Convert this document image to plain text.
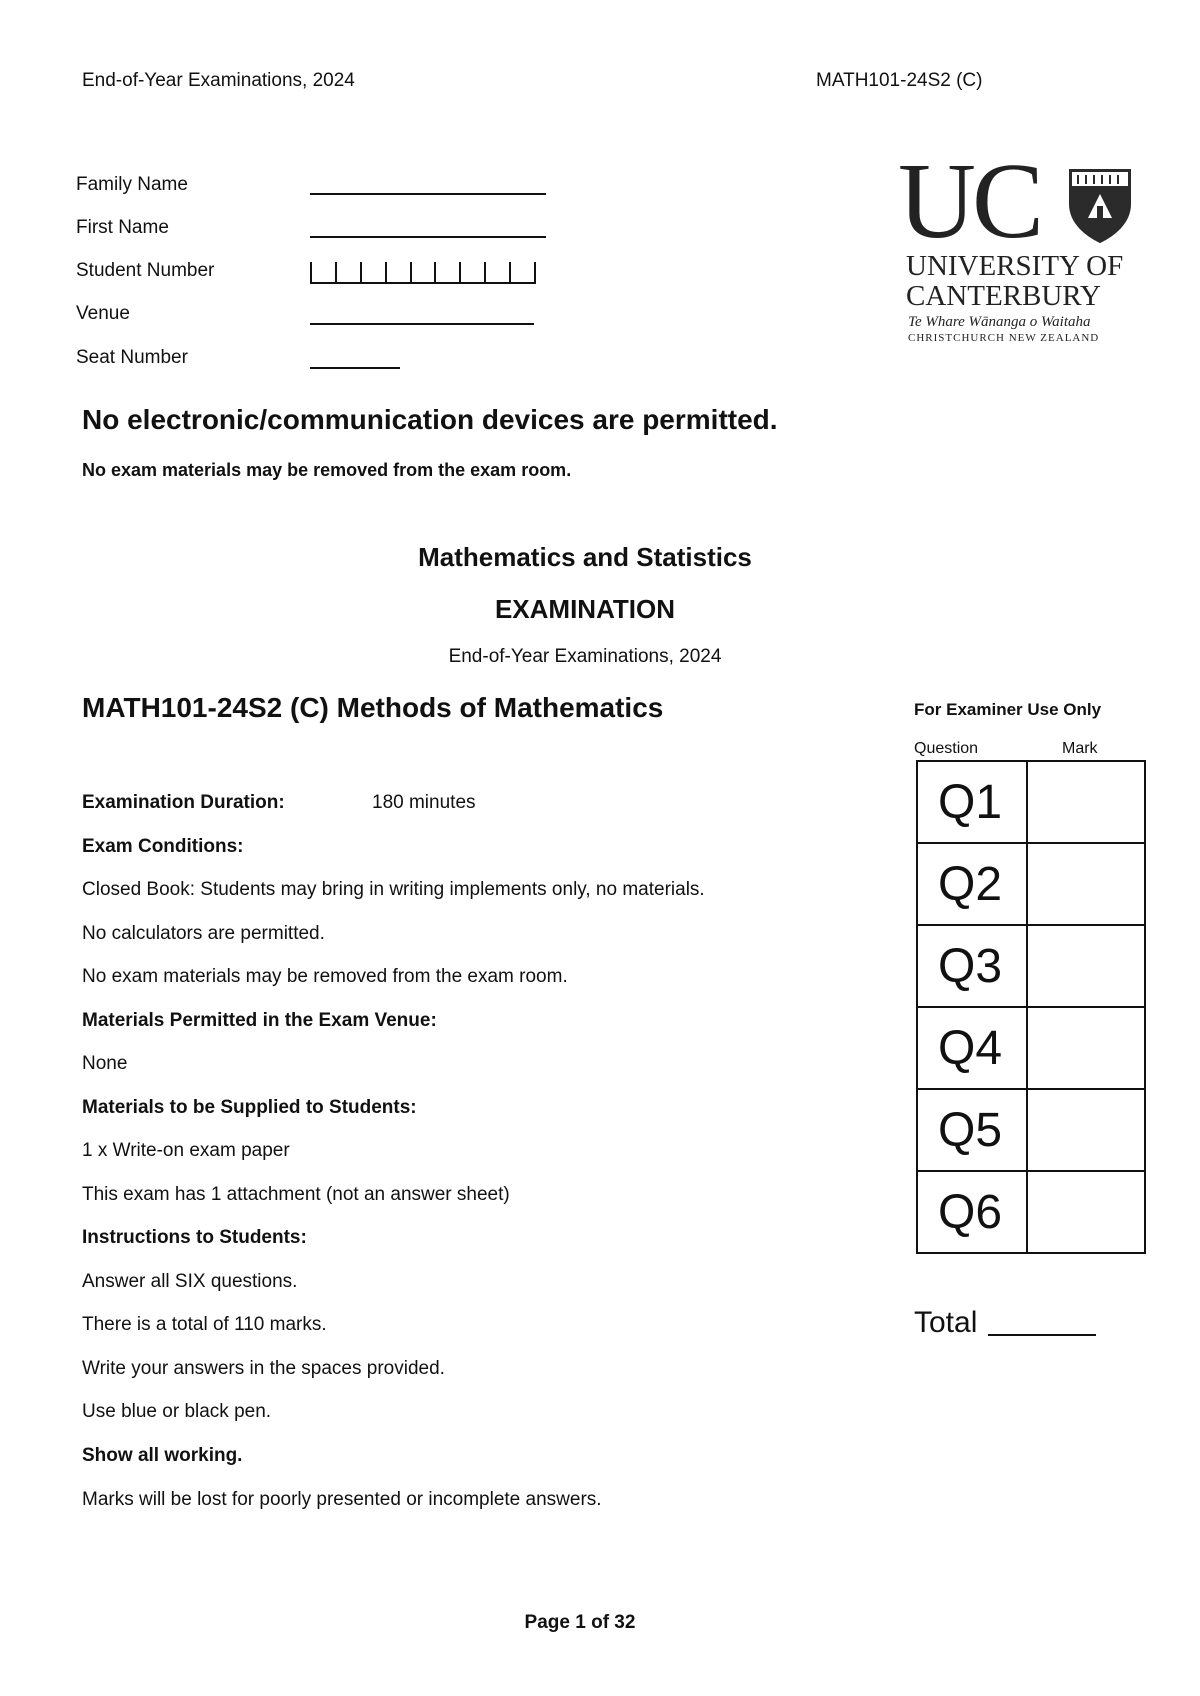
End-of-Year Examinations, 2024	MATH101-24S2 (C)
Family Name
First Name
Student Number
Venue
Seat Number
UC
UNIVERSITY OF
CANTERBURY
Te Whare Wānanga o Waitaha
CHRISTCHURCH NEW ZEALAND
No electronic/communication devices are permitted.
No exam materials may be removed from the exam room.
Mathematics and Statistics
EXAMINATION
End-of-Year Examinations, 2024
MATH101-24S2 (C) Methods of Mathematics
Examination Duration:	180 minutes
Exam Conditions:
Closed Book: Students may bring in writing implements only, no materials.
No calculators are permitted.
No exam materials may be removed from the exam room.
Materials Permitted in the Exam Venue:
None
Materials to be Supplied to Students:
1 x Write-on exam paper
This exam has 1 attachment (not an answer sheet)
Instructions to Students:
Answer all SIX questions.
There is a total of 110 marks.
Write your answers in the spaces provided.
Use blue or black pen.
Show all working.
Marks will be lost for poorly presented or incomplete answers.
For Examiner Use Only
Question	Mark
Q1
Q2
Q3
Q4
Q5
Q6
Total
Page 1 of 32
